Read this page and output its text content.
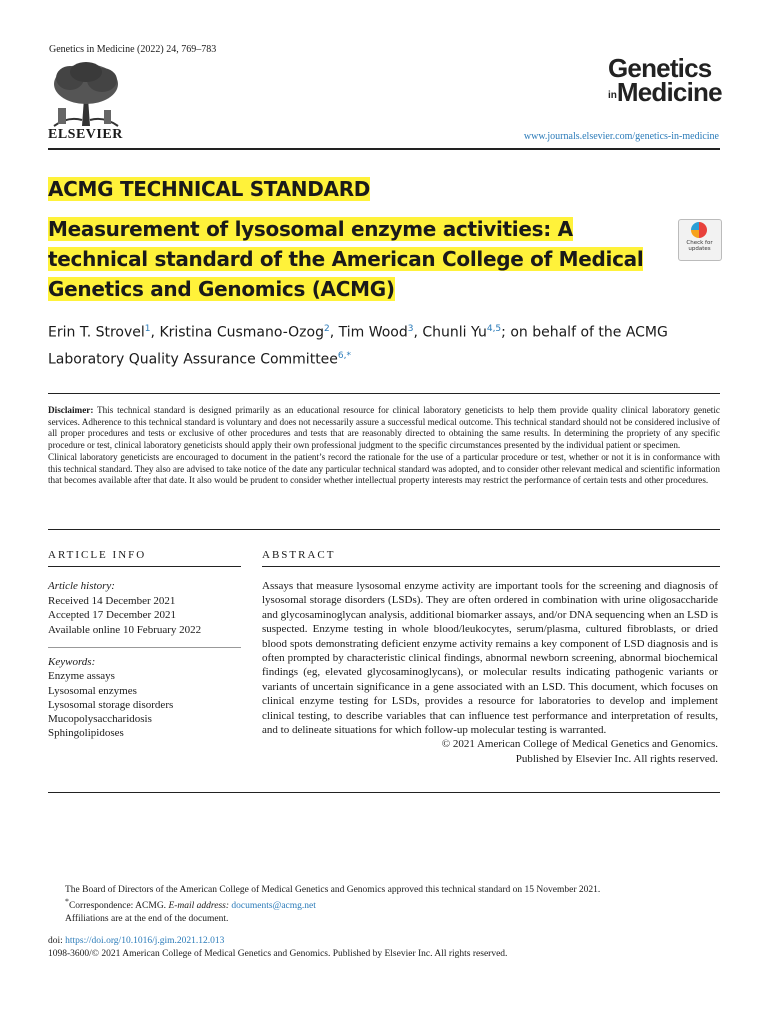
Genetics in Medicine (2022) 24, 769–783
ELSEVIER
Genetics
$^{in}$Medicine
www.journals.elsevier.com/genetics-in-medicine
Check for
updates
ACMG TECHNICAL STANDARD
Measurement of lysosomal enzyme activities: A technical standard of the American College of Medical Genetics and Genomics (ACMG)
Erin T. Strovel$^1$, Kristina Cusmano-Ozog$^2$, Tim Wood$^3$, Chunli Yu$^{4,5}$; on behalf of the ACMG Laboratory Quality Assurance Committee$^{6,*}$

Disclaimer: This technical standard is designed primarily as an educational resource for clinical laboratory geneticists to help them provide quality clinical laboratory genetic services. Adherence to this technical standard is voluntary and does not necessarily assure a successful medical outcome. This technical standard should not be considered inclusive of all proper procedures and tests or exclusive of other procedures and tests that are reasonably directed to obtaining the same results. In determining the propriety of any specific procedure or test, clinical laboratory geneticists should apply their own professional judgment to the specific circumstances presented by the individual patient or specimen.

Clinical laboratory geneticists are encouraged to document in the patient’s record the rationale for the use of a particular procedure or test, whether or not it is in conformance with this technical standard. They also are advised to take notice of the date any particular technical standard was adopted, and to consider other relevant medical and scientific information that becomes available after that date. It also would be prudent to consider whether intellectual property interests may restrict the performance of certain tests and other procedures.

ARTICLE INFO
Article history:
Received 14 December 2021
Accepted 17 December 2021
Available online 10 February 2022
Keywords:
Enzyme assays
Lysosomal enzymes
Lysosomal storage disorders
Mucopolysaccharidosis
Sphingolipidoses
ABSTRACT

Assays that measure lysosomal enzyme activity are important tools for the screening and diagnosis of lysosomal storage disorders (LSDs). They are often ordered in combination with urine oligosaccharide and glycosaminoglycan analysis, additional biomarker assays, and/or DNA sequencing when an LSD is suspected. Enzyme testing in whole blood/leukocytes, serum/plasma, cultured fibroblasts, or dried blood spots demonstrating deficient enzyme activity remains a key component of LSD diagnosis and is often prompted by characteristic clinical findings, abnormal newborn screening, abnormal biochemical findings (eg, elevated glycosaminoglycans), or molecular results indicating pathogenic variants or variants of uncertain significance in a gene associated with an LSD. This document, which focuses on clinical enzyme testing for LSDs, provides a resource for laboratories to develop and implement clinical testing, to describe variables that can influence test performance and interpretation of results, and to delineate situations for which follow-up molecular testing is warranted.

© 2021 American College of Medical Genetics and Genomics.

Published by Elsevier Inc. All rights reserved.

The Board of Directors of the American College of Medical Genetics and Genomics approved this technical standard on 15 November 2021.

*Correspondence: ACMG. E-mail address: documents@acmg.net

Affiliations are at the end of the document.

doi: https://doi.org/10.1016/j.gim.2021.12.013

1098-3600/© 2021 American College of Medical Genetics and Genomics. Published by Elsevier Inc. All rights reserved.
